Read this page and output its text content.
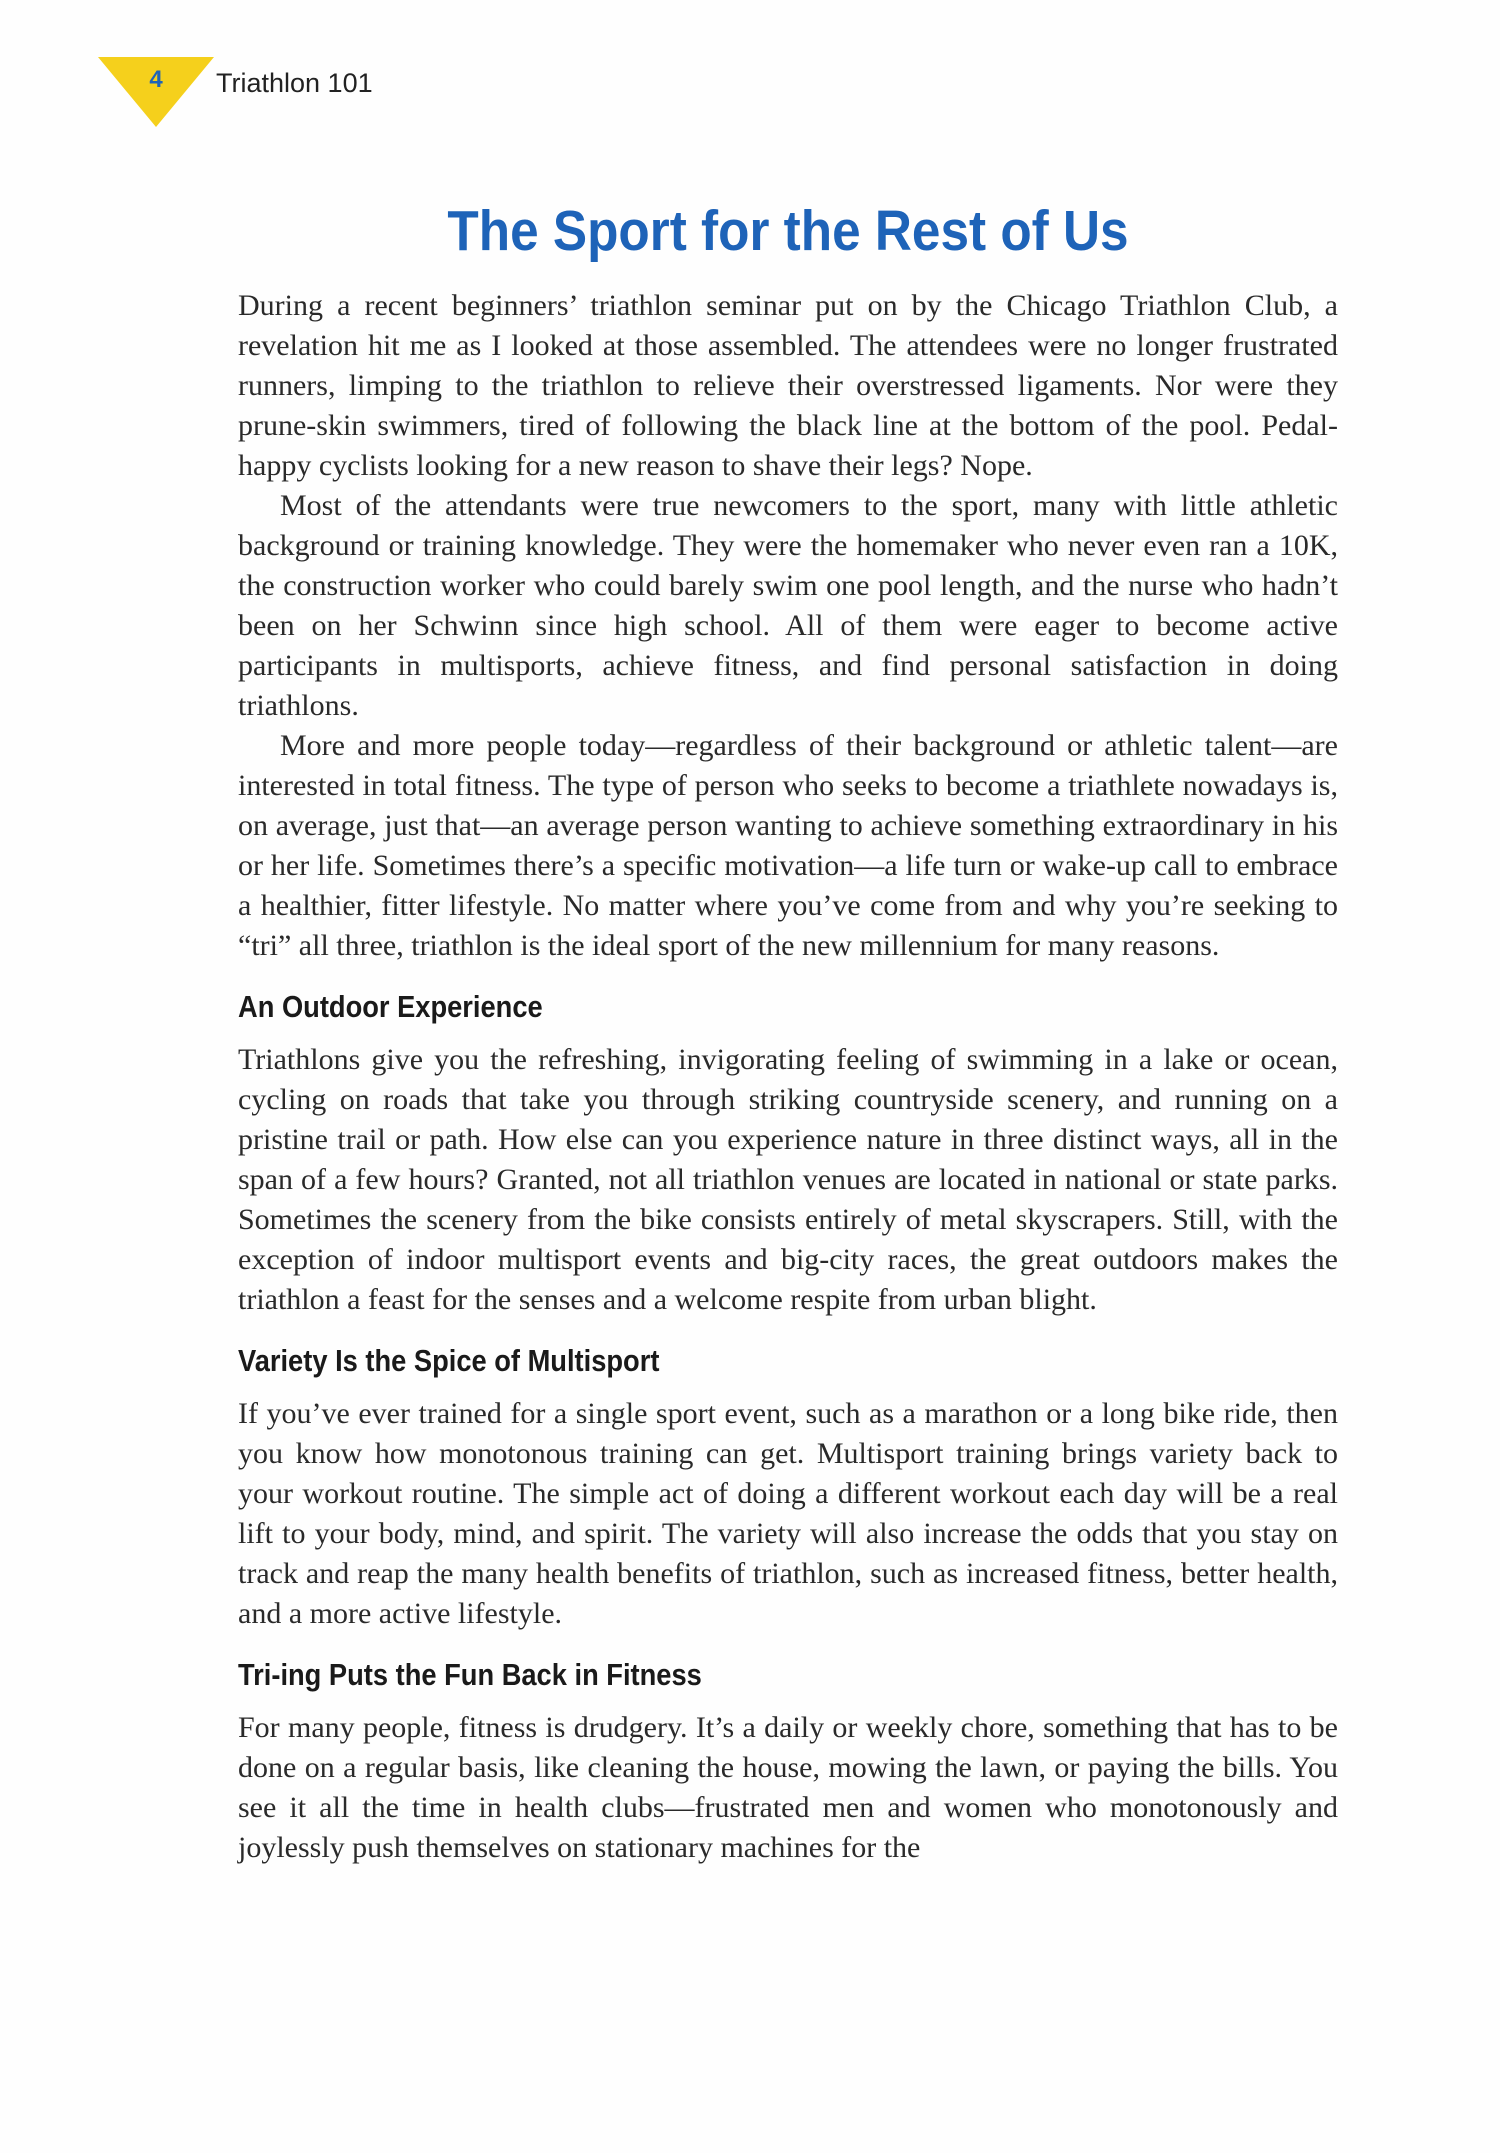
4	Triathlon 101
The Sport for the Rest of Us

During a recent beginners’ triathlon seminar put on by the Chicago Triathlon Club, a revelation hit me as I looked at those assembled. The attendees were no longer frustrated runners, limping to the triathlon to relieve their overstressed ligaments. Nor were they prune-skin swimmers, tired of following the black line at the bottom of the pool. Pedal-happy cyclists looking for a new reason to shave their legs? Nope.

Most of the attendants were true newcomers to the sport, many with little athletic background or training knowledge. They were the homemaker who never even ran a 10K, the construction worker who could barely swim one pool length, and the nurse who hadn’t been on her Schwinn since high school. All of them were eager to become active participants in multisports, achieve fitness, and find personal satisfaction in doing triathlons.

More and more people today—regardless of their background or athletic talent—are interested in total fitness. The type of person who seeks to become a triathlete nowadays is, on average, just that—an average person wanting to achieve something extraordinary in his or her life. Sometimes there’s a specific motivation—a life turn or wake-up call to embrace a healthier, fitter lifestyle. No matter where you’ve come from and why you’re seeking to “tri” all three, triathlon is the ideal sport of the new millennium for many reasons.

An Outdoor Experience

Triathlons give you the refreshing, invigorating feeling of swimming in a lake or ocean, cycling on roads that take you through striking countryside scenery, and running on a pristine trail or path. How else can you experience nature in three distinct ways, all in the span of a few hours? Granted, not all triathlon venues are located in national or state parks. Sometimes the scenery from the bike consists entirely of metal skyscrapers. Still, with the exception of indoor multisport events and big-city races, the great outdoors makes the triathlon a feast for the senses and a welcome respite from urban blight.

Variety Is the Spice of Multisport

If you’ve ever trained for a single sport event, such as a marathon or a long bike ride, then you know how monotonous training can get. Multisport training brings variety back to your workout routine. The simple act of doing a different workout each day will be a real lift to your body, mind, and spirit. The variety will also increase the odds that you stay on track and reap the many health benefits of triathlon, such as increased fitness, better health, and a more active lifestyle.

Tri-ing Puts the Fun Back in Fitness

For many people, fitness is drudgery. It’s a daily or weekly chore, something that has to be done on a regular basis, like cleaning the house, mowing the lawn, or paying the bills. You see it all the time in health clubs—frustrated men and women who monotonously and joylessly push themselves on stationary machines for the
